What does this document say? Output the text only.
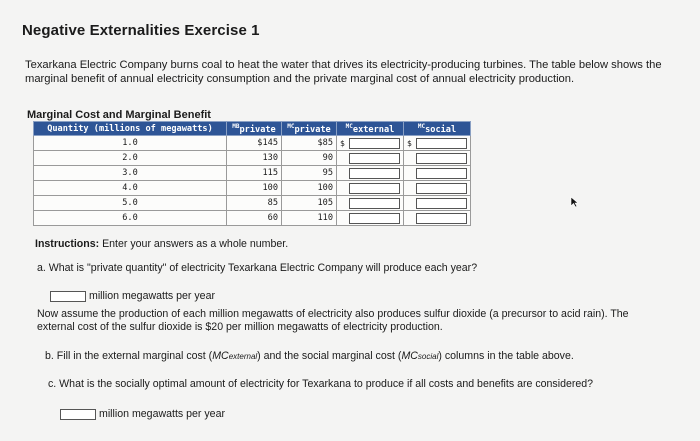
Negative Externalities Exercise 1
Texarkana Electric Company burns coal to heat the water that drives its electricity-producing turbines. The table below shows the marginal benefit of annual electricity consumption and the private marginal cost of annual electricity production.
Marginal Cost and Marginal Benefit
Quantity (millions of megawatts)	$^{MB}$private	$^{MC}$private	$^{MC}$external	$^{MC}$social
1.0	$145	$85	$	$

2.0	130	90	

3.0	115	95	

4.0	100	100	

5.0	85	105	

6.0	60	110	

Instructions: Enter your answers as a whole number.
a. What is "private quantity" of electricity Texarkana Electric Company will produce each year?
million megawatts per year
Now assume the production of each million megawatts of electricity also produces sulfur dioxide (a precursor to acid rain). The external cost of the sulfur dioxide is $20 per million megawatts of electricity production.
b. Fill in the external marginal cost (MCexternal) and the social marginal cost (MCsocial) columns in the table above.
c. What is the socially optimal amount of electricity for Texarkana to produce if all costs and benefits are considered?
million megawatts per year
